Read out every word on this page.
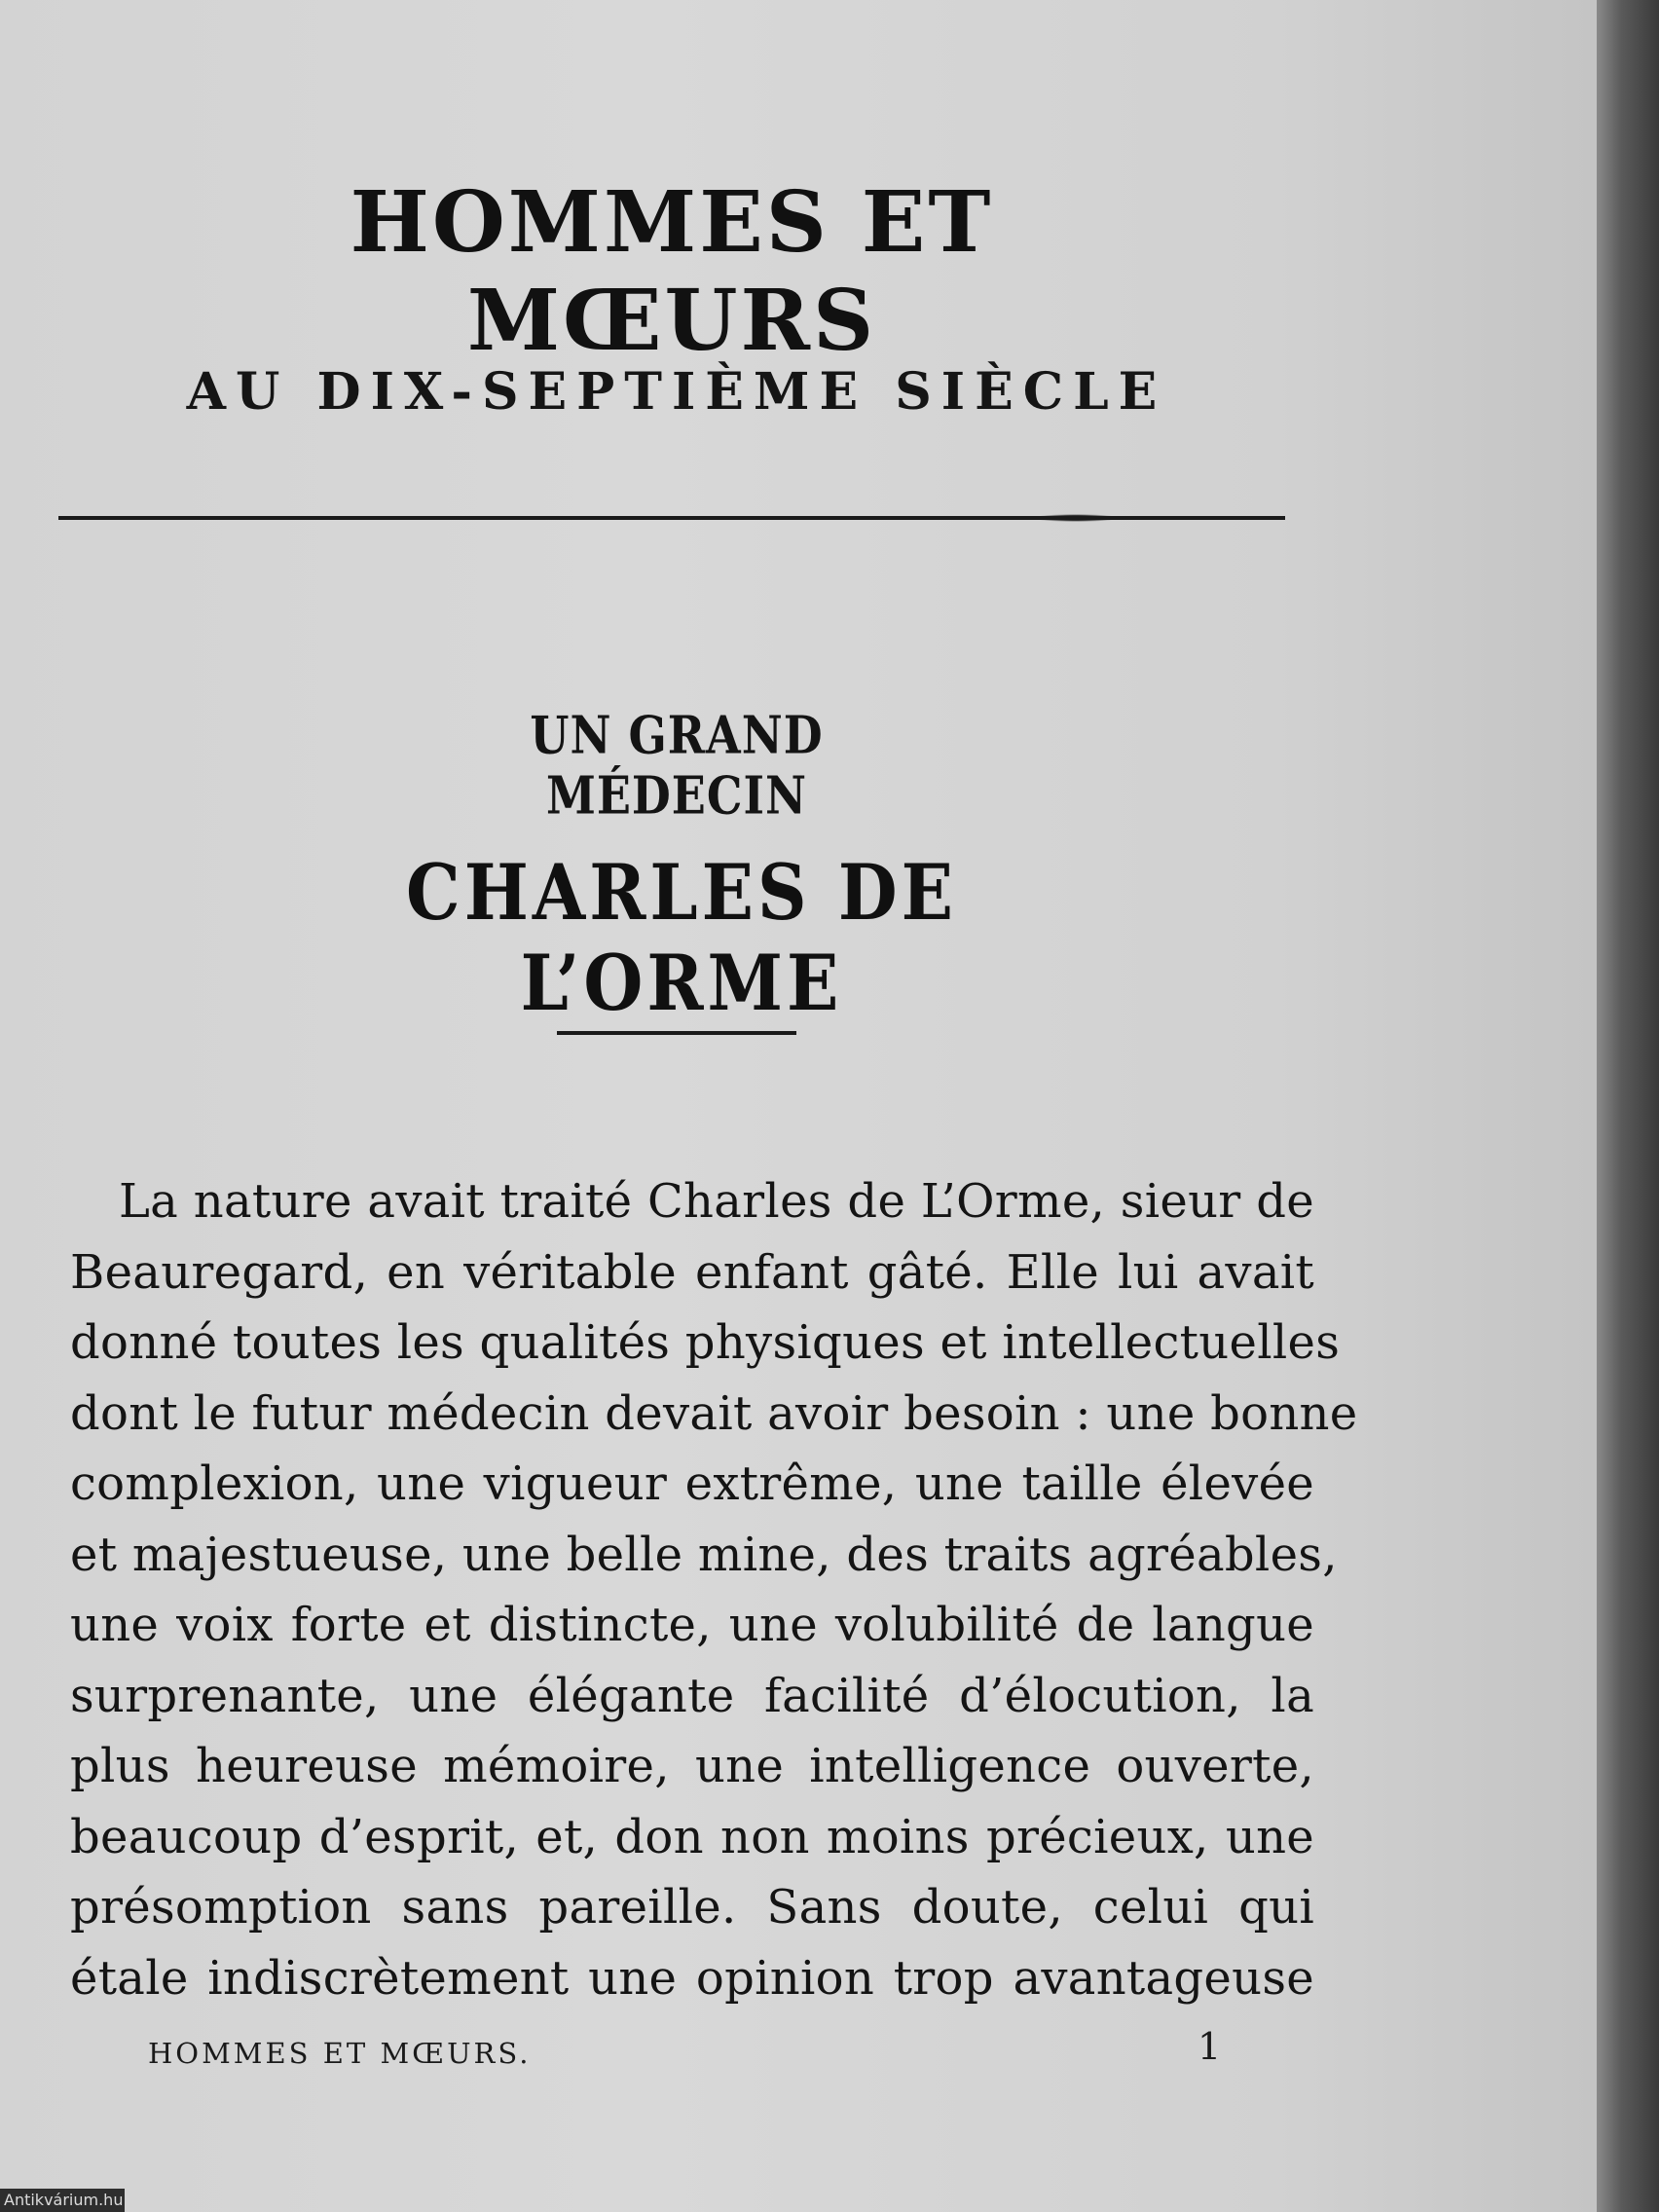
HOMMES ET MŒURS
AU DIX-SEPTIÈME SIÈCLE
UN GRAND MÉDECIN
CHARLES DE L’ORME
La nature avait traité Charles de L’Orme, sieur de
Beauregard, en véritable enfant gâté. Elle lui avait
donné toutes les qualités physiques et intellectuelles
dont le futur médecin devait avoir besoin : une bonne
complexion, une vigueur extrême, une taille élevée
et majestueuse, une belle mine, des traits agréables,
une voix forte et distincte, une volubilité de langue
surprenante, une élégante facilité d’élocution, la
plus heureuse mémoire, une intelligence ouverte,
beaucoup d’esprit, et, don non moins précieux, une
présomption sans pareille. Sans doute, celui qui
étale indiscrètement une opinion trop avantageuse

HOMMES ET MŒURS.	1

Antikvárium.hu
